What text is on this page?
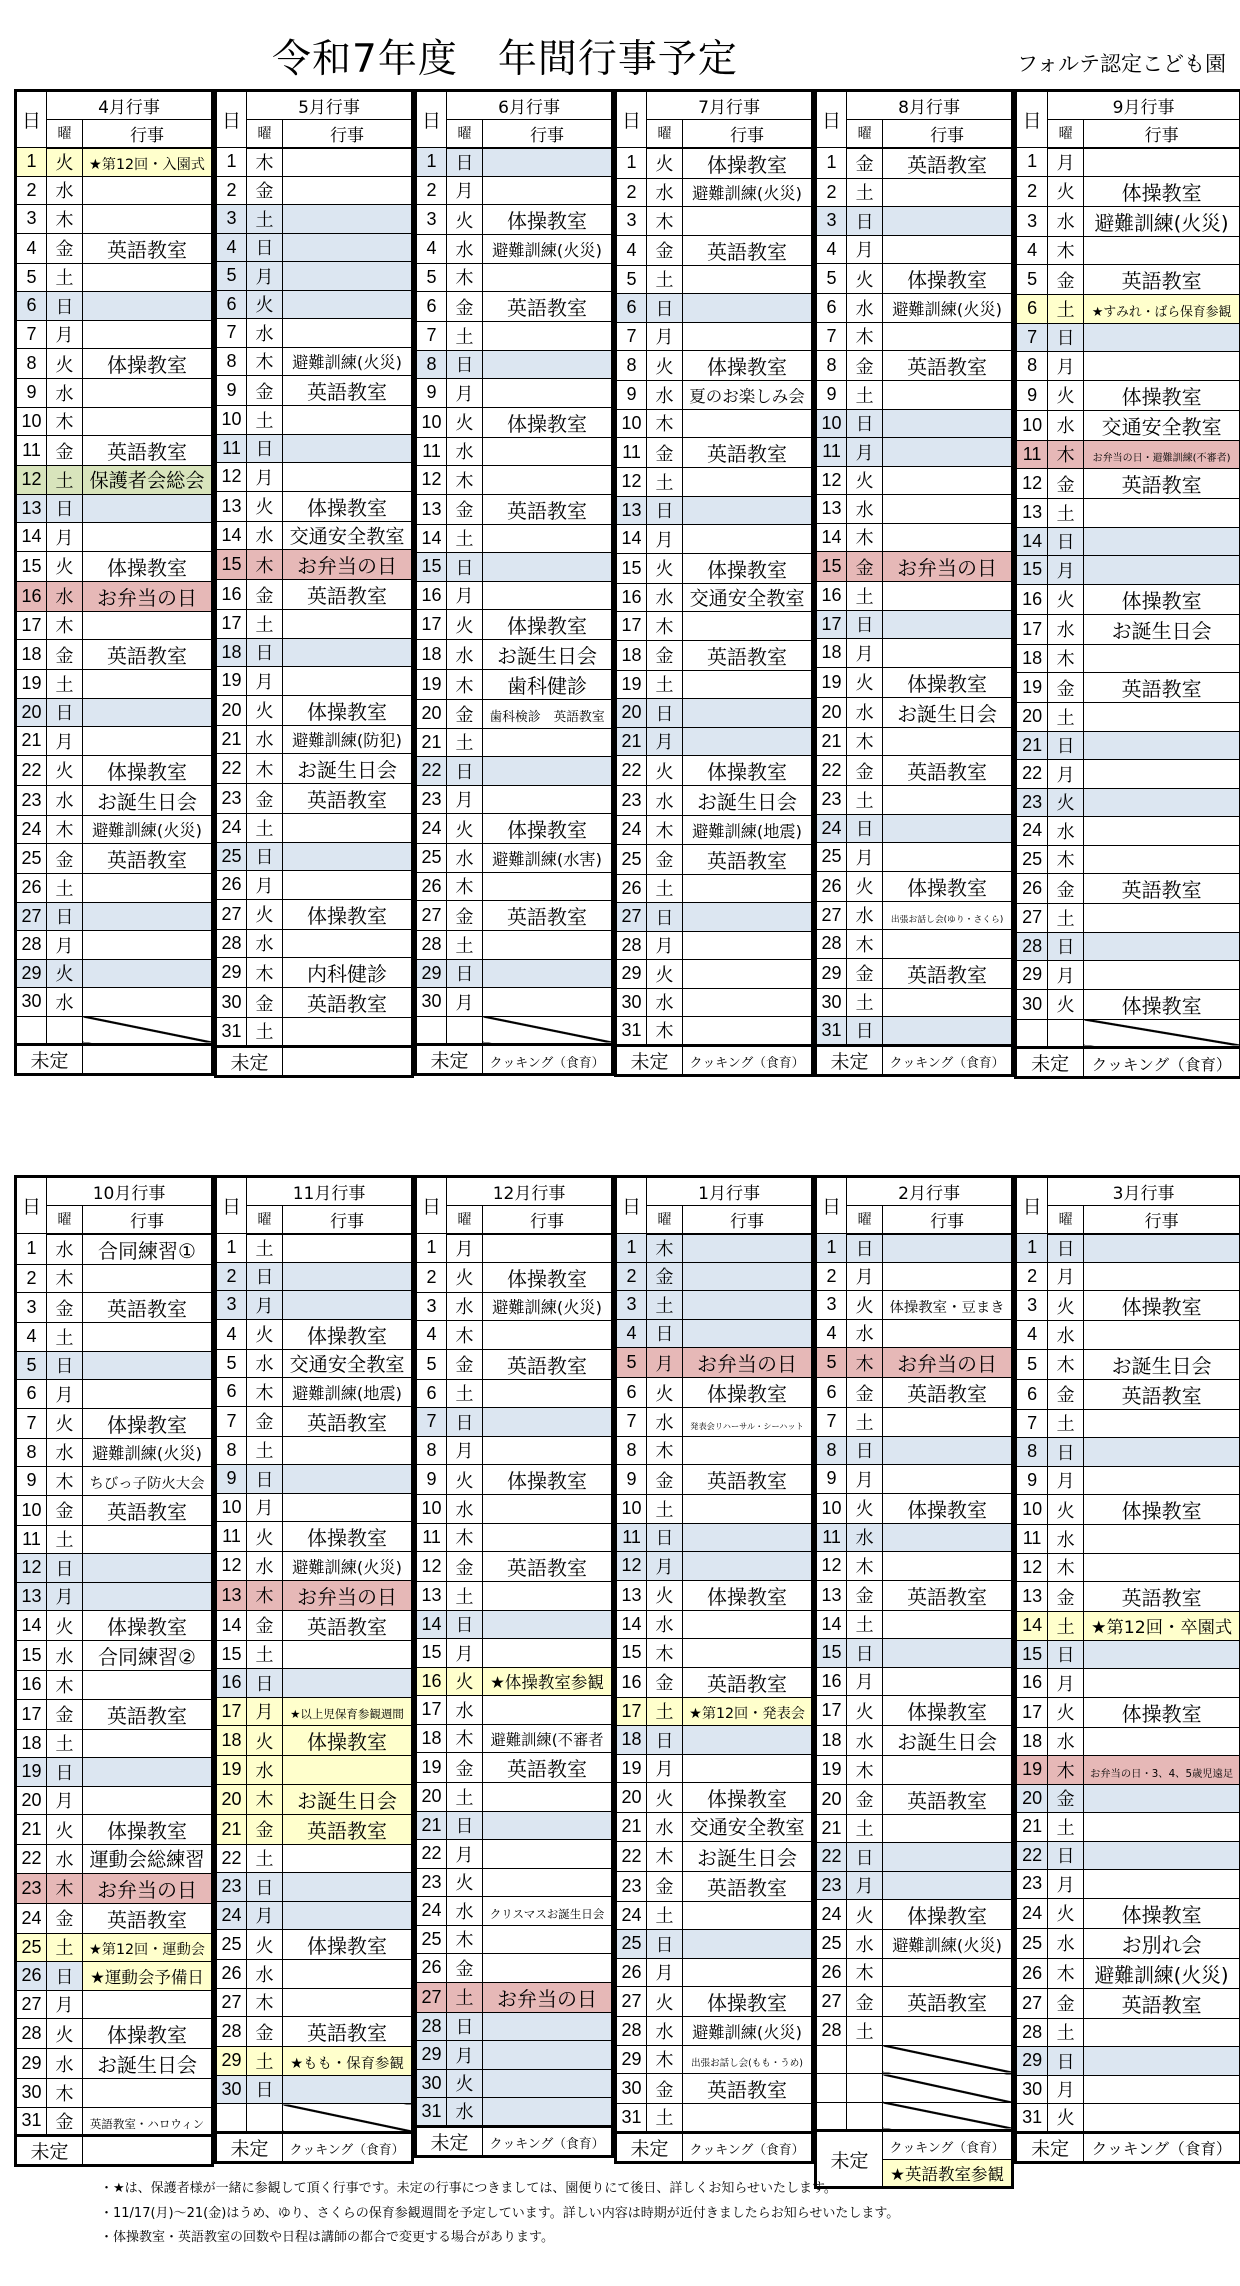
令和7年度　年間行事予定	フォルテ認定こども園
日	4月行事	
	曜	行事
1	火	★第12回・入園式
2	水	
3	木	
4	金	英語教室
5	土	
6	日	
7	月	
8	火	体操教室
9	水	
10	木	
11	金	英語教室
12	土	保護者会総会
13	日	
14	月	
15	火	体操教室
16	水	お弁当の日
17	木	
18	金	英語教室
19	土	
20	日	
21	月	
22	火	体操教室
23	水	お誕生日会
24	木	避難訓練(火災)
25	金	英語教室
26	土	
27	日	
28	月	
29	火	
30	水	

未定		
日	5月行事	
	曜	行事
1	木	
2	金	
3	土	
4	日	
5	月	
6	火	
7	水	
8	木	避難訓練(火災)
9	金	英語教室
10	土	
11	日	
12	月	
13	火	体操教室
14	水	交通安全教室
15	木	お弁当の日
16	金	英語教室
17	土	
18	日	
19	月	
20	火	体操教室
21	水	避難訓練(防犯)
22	木	お誕生日会
23	金	英語教室
24	土	
25	日	
26	月	
27	火	体操教室
28	水	
29	木	内科健診
30	金	英語教室
31	土	
未定		
日	6月行事	
	曜	行事
1	日	
2	月	
3	火	体操教室
4	水	避難訓練(火災)
5	木	
6	金	英語教室
7	土	
8	日	
9	月	
10	火	体操教室
11	水	
12	木	
13	金	英語教室
14	土	
15	日	
16	月	
17	火	体操教室
18	水	お誕生日会
19	木	歯科健診
20	金	歯科検診　英語教室
21	土	
22	日	
23	月	
24	火	体操教室
25	水	避難訓練(水害)
26	木	
27	金	英語教室
28	土	
29	日	
30	月	

未定		クッキング（食育）
日	7月行事	
	曜	行事
1	火	体操教室
2	水	避難訓練(火災)
3	木	
4	金	英語教室
5	土	
6	日	
7	月	
8	火	体操教室
9	水	夏のお楽しみ会
10	木	
11	金	英語教室
12	土	
13	日	
14	月	
15	火	体操教室
16	水	交通安全教室
17	木	
18	金	英語教室
19	土	
20	日	
21	月	
22	火	体操教室
23	水	お誕生日会
24	木	避難訓練(地震)
25	金	英語教室
26	土	
27	日	
28	月	
29	火	
30	水	
31	木	
未定		クッキング（食育）
日	8月行事	
	曜	行事
1	金	英語教室
2	土	
3	日	
4	月	
5	火	体操教室
6	水	避難訓練(火災)
7	木	
8	金	英語教室
9	土	
10	日	
11	月	
12	火	
13	水	
14	木	
15	金	お弁当の日
16	土	
17	日	
18	月	
19	火	体操教室
20	水	お誕生日会
21	木	
22	金	英語教室
23	土	
24	日	
25	月	
26	火	体操教室
27	水	出張お話し会(ゆり・さくら)
28	木	
29	金	英語教室
30	土	
31	日	
未定		クッキング（食育）
日	9月行事	
	曜	行事
1	月	
2	火	体操教室
3	水	避難訓練(火災)
4	木	
5	金	英語教室
6	土	★すみれ・ばら保育参観
7	日	
8	月	
9	火	体操教室
10	水	交通安全教室
11	木	お弁当の日・避難訓練(不審者)
12	金	英語教室
13	土	
14	日	
15	月	
16	火	体操教室
17	水	お誕生日会
18	木	
19	金	英語教室
20	土	
21	日	
22	月	
23	火	
24	水	
25	木	
26	金	英語教室
27	土	
28	日	
29	月	
30	火	体操教室

未定		クッキング（食育）
日	10月行事	
	曜	行事
1	水	合同練習①
2	木	
3	金	英語教室
4	土	
5	日	
6	月	
7	火	体操教室
8	水	避難訓練(火災)
9	木	ちびっ子防火大会
10	金	英語教室
11	土	
12	日	
13	月	
14	火	体操教室
15	水	合同練習②
16	木	
17	金	英語教室
18	土	
19	日	
20	月	
21	火	体操教室
22	水	運動会総練習
23	木	お弁当の日
24	金	英語教室
25	土	★第12回・運動会
26	日	★運動会予備日
27	月	
28	火	体操教室
29	水	お誕生日会
30	木	
31	金	英語教室・ハロウィン
未定		
日	11月行事	
	曜	行事
1	土	
2	日	
3	月	
4	火	体操教室
5	水	交通安全教室
6	木	避難訓練(地震)
7	金	英語教室
8	土	
9	日	
10	月	
11	火	体操教室
12	水	避難訓練(火災)
13	木	お弁当の日
14	金	英語教室
15	土	
16	日	
17	月	★以上児保育参観週間
18	火	体操教室
19	水	
20	木	お誕生日会
21	金	英語教室
22	土	
23	日	
24	月	
25	火	体操教室
26	水	
27	木	
28	金	英語教室
29	土	★もも・保育参観
30	日	

未定		クッキング（食育）
日	12月行事	
	曜	行事
1	月	
2	火	体操教室
3	水	避難訓練(火災)
4	木	
5	金	英語教室
6	土	
7	日	
8	月	
9	火	体操教室
10	水	
11	木	
12	金	英語教室
13	土	
14	日	
15	月	
16	火	★体操教室参観
17	水	
18	木	避難訓練(不審者
19	金	英語教室
20	土	
21	日	
22	月	
23	火	
24	水	クリスマスお誕生日会
25	木	
26	金	
27	土	お弁当の日
28	日	
29	月	
30	火	
31	水	
未定		クッキング（食育）
日	1月行事	
	曜	行事
1	木	
2	金	
3	土	
4	日	
5	月	お弁当の日
6	火	体操教室
7	水	発表会リハーサル・シーハット
8	木	
9	金	英語教室
10	土	
11	日	
12	月	
13	火	体操教室
14	水	
15	木	
16	金	英語教室
17	土	★第12回・発表会
18	日	
19	月	
20	火	体操教室
21	水	交通安全教室
22	木	お誕生日会
23	金	英語教室
24	土	
25	日	
26	月	
27	火	体操教室
28	水	避難訓練(火災)
29	木	出張お話し会(もも・うめ)
30	金	英語教室
31	土	
未定		クッキング（食育）
日	2月行事	
	曜	行事
1	日	
2	月	
3	火	体操教室・豆まき
4	水	
5	木	お弁当の日
6	金	英語教室
7	土	
8	日	
9	月	
10	火	体操教室
11	水	
12	木	
13	金	英語教室
14	土	
15	日	
16	月	
17	火	体操教室
18	水	お誕生日会
19	木	
20	金	英語教室
21	土	
22	日	
23	月	
24	火	体操教室
25	水	避難訓練(火災)
26	木	
27	金	英語教室
28	土	

未定		クッキング（食育）
		★英語教室参観
日	3月行事	
	曜	行事
1	日	
2	月	
3	火	体操教室
4	水	
5	木	お誕生日会
6	金	英語教室
7	土	
8	日	
9	月	
10	火	体操教室
11	水	
12	木	
13	金	英語教室
14	土	★第12回・卒園式
15	日	
16	月	
17	火	体操教室
18	水	
19	木	お弁当の日・3、4、5歳児遠足
20	金	
21	土	
22	日	
23	月	
24	火	体操教室
25	水	お別れ会
26	木	避難訓練(火災)
27	金	英語教室
28	土	
29	日	
30	月	
31	火	
未定		クッキング（食育）
・★は、保護者様が一緒に参観して頂く行事です。未定の行事につきましては、園便りにて後日、詳しくお知らせいたします。
・11/17(月)～21(金)はうめ、ゆり、さくらの保育参観週間を予定しています。詳しい内容は時期が近付きましたらお知らせいたします。
・体操教室・英語教室の回数や日程は講師の都合で変更する場合があります。
